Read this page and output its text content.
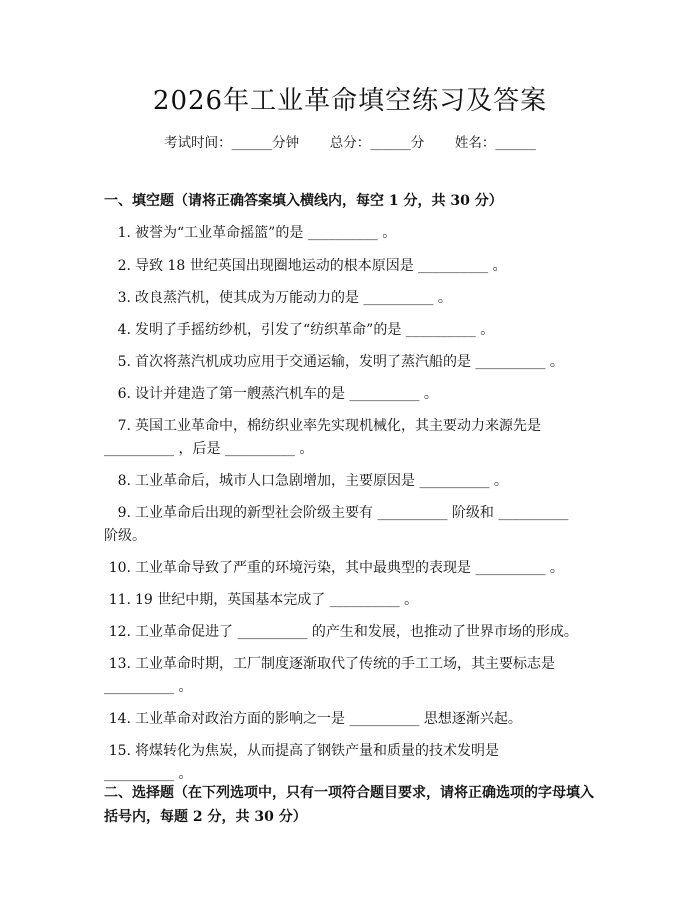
2026年工业革命填空练习及答案
考试时间：______分钟 总分：______分 姓名：______
一、填空题（请将正确答案填入横线内，每空 1 分，共 30 分）
1. 被誉为“工业革命摇篮”的是 __________ 。
2. 导致 18 世纪英国出现圈地运动的根本原因是 __________ 。
3. 改良蒸汽机，使其成为万能动力的是 __________ 。
4. 发明了手摇纺纱机，引发了“纺织革命”的是 __________ 。
5. 首次将蒸汽机成功应用于交通运输，发明了蒸汽船的是 __________ 。
6. 设计并建造了第一艘蒸汽机车的是 __________ 。
7. 英国工业革命中，棉纺织业率先实现机械化，其主要动力来源先是
__________ ，后是 __________ 。
8. 工业革命后，城市人口急剧增加，主要原因是 __________ 。
9. 工业革命后出现的新型社会阶级主要有 __________ 阶级和 __________
阶级。
10. 工业革命导致了严重的环境污染，其中最典型的表现是 __________ 。
11. 19 世纪中期，英国基本完成了 __________ 。
12. 工业革命促进了 __________ 的产生和发展，也推动了世界市场的形成。
13. 工业革命时期，工厂制度逐渐取代了传统的手工工场，其主要标志是
__________ 。
14. 工业革命对政治方面的影响之一是 __________ 思想逐渐兴起。
15. 将煤转化为焦炭，从而提高了钢铁产量和质量的技术发明是
__________ 。
二、选择题（在下列选项中，只有一项符合题目要求，请将正确选项的字母填入
括号内，每题 2 分，共 30 分）
